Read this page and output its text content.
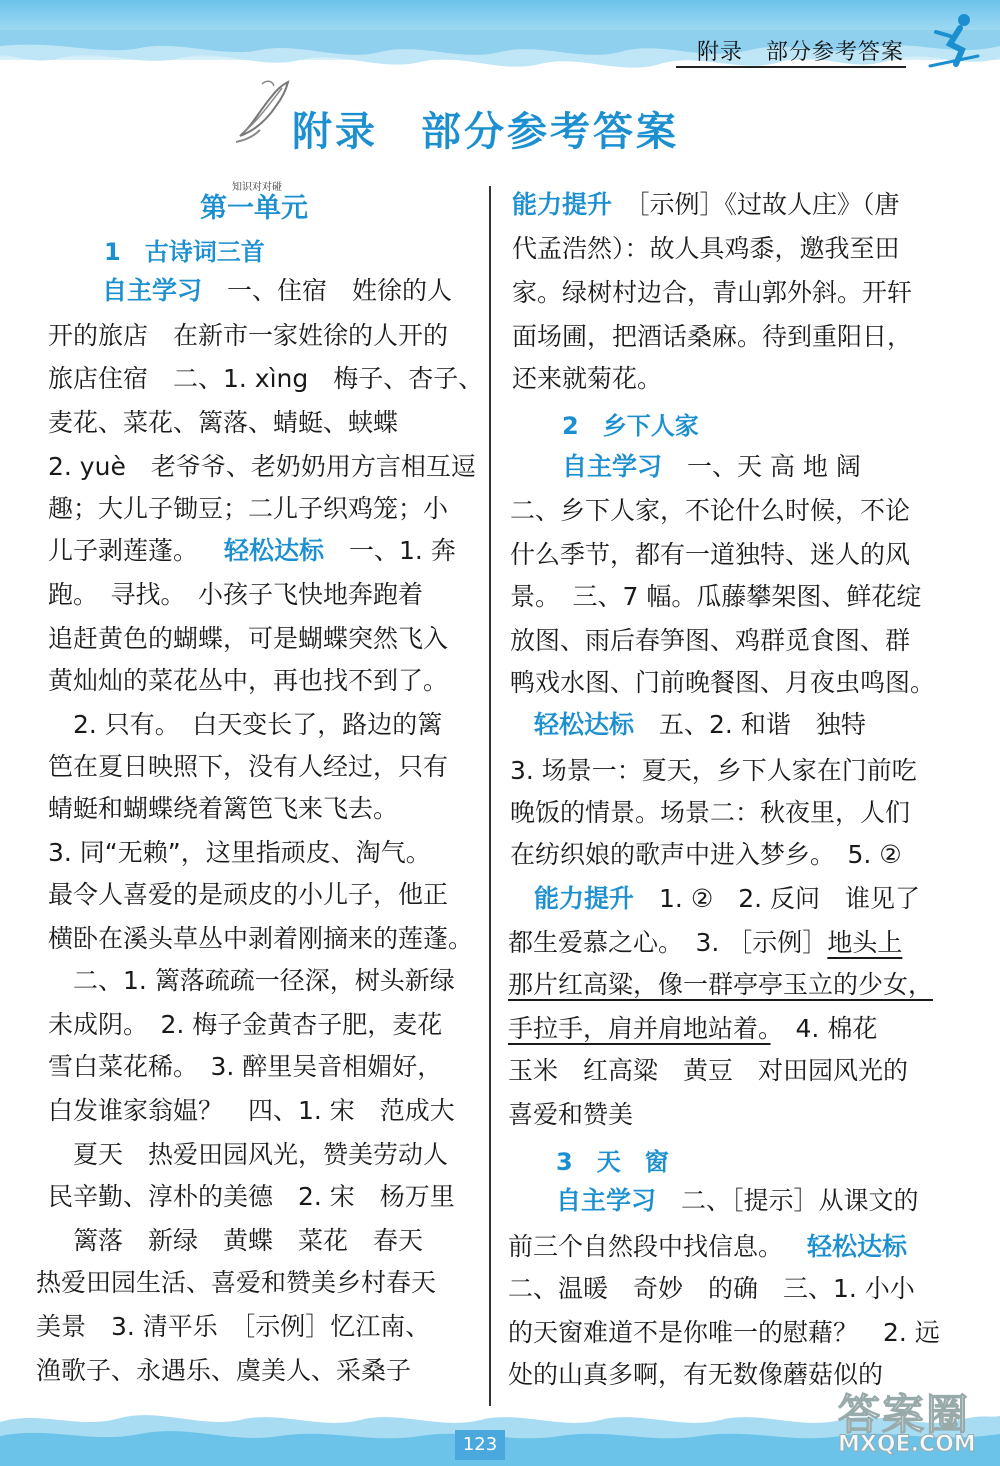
附录　部分参考答案
附录　部分参考答案
知识对对碰
第一单元
1　古诗词三首
自主学习　一、住宿　姓徐的人
开的旅店　在新市一家姓徐的人开的
旅店住宿　二、1. xìng　梅子、杏子、
麦花、菜花、篱落、蜻蜓、蛱蝶
2. yuè　老爷爷、老奶奶用方言相互逗
趣；大儿子锄豆；二儿子织鸡笼；小
儿子剥莲蓬。 轻松达标　一、1. 奔
跑。　寻找。　小孩子飞快地奔跑着
追赶黄色的蝴蝶，可是蝴蝶突然飞入
黄灿灿的菜花丛中，再也找不到了。
　2. 只有。　白天变长了，路边的篱
笆在夏日映照下，没有人经过，只有
蜻蜓和蝴蝶绕着篱笆飞来飞去。
3. 同“无赖”，这里指顽皮、淘气。
最令人喜爱的是顽皮的小儿子，他正
横卧在溪头草丛中剥着刚摘来的莲蓬。
　二、1. 篱落疏疏一径深，树头新绿
未成阴。　2. 梅子金黄杏子肥，麦花
雪白菜花稀。　3. 醉里吴音相媚好，
白发谁家翁媪？　四、1. 宋　范成大
　夏天　热爱田园风光，赞美劳动人
民辛勤、淳朴的美德　2. 宋　杨万里
　篱落　新绿　黄蝶　菜花　春天
热爱田园生活、喜爱和赞美乡村春天
美景　3. 清平乐　［示例］忆江南、
渔歌子、永遇乐、虞美人、采桑子
能力提升　［示例］《过故人庄》（唐
代孟浩然）：故人具鸡黍，邀我至田
家。绿树村边合，青山郭外斜。开轩
面场圃，把酒话桑麻。待到重阳日，
还来就菊花。
2　乡下人家
自主学习　一、天 高 地 阔
二、乡下人家，不论什么时候，不论
什么季节，都有一道独特、迷人的风
景。　三、7 幅。瓜藤攀架图、鲜花绽
放图、雨后春笋图、鸡群觅食图、群
鸭戏水图、门前晚餐图、月夜虫鸣图。
轻松达标　五、2. 和谐　独特
3. 场景一：夏天，乡下人家在门前吃
晚饭的情景。场景二：秋夜里，人们
在纺织娘的歌声中进入梦乡。　5. ②
能力提升　1. ②　2. 反问　谁见了
都生爱慕之心。　3. ［示例］地头上
那片红高粱，像一群亭亭玉立的少女，
手拉手，肩并肩地站着。　4. 棉花
玉米　红高粱　黄豆　对田园风光的
喜爱和赞美
3　天　窗
自主学习　二、［提示］从课文的
前三个自然段中找信息。 轻松达标
二、温暖　奇妙　的确　三、1. 小小
的天窗难道不是你唯一的慰藉？　2. 远
处的山真多啊，有无数像蘑菇似的
123
答案圈
MXQE.COM
